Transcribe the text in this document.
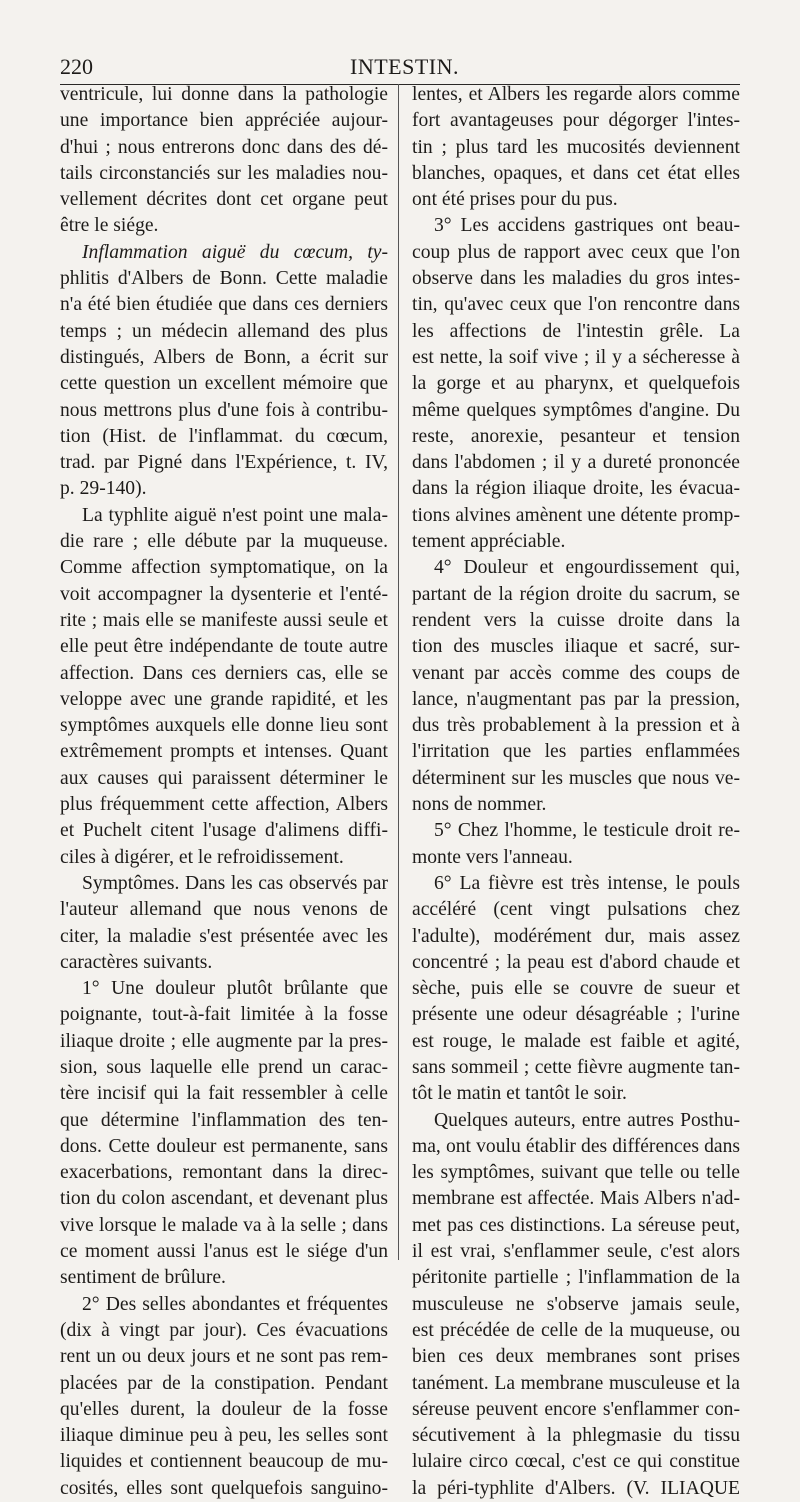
220	INTESTIN.
ventricule, lui donne dans la pathologie
une importance bien appréciée aujour-
d'hui ; nous entrerons donc dans des dé-
tails circonstanciés sur les maladies nou-
vellement décrites dont cet organe peut
être le siége.
Inflammation aiguë du cœcum, ty-
phlitis d'Albers de Bonn. Cette maladie
n'a été bien étudiée que dans ces derniers
temps ; un médecin allemand des plus
distingués, Albers de Bonn, a écrit sur
cette question un excellent mémoire que
nous mettrons plus d'une fois à contribu-
tion (Hist. de l'inflammat. du cœcum,
trad. par Pigné dans l'Expérience, t. IV,
p. 29-140).
La typhlite aiguë n'est point une mala-
die rare ; elle débute par la muqueuse.
Comme affection symptomatique, on la
voit accompagner la dysenterie et l'enté-
rite ; mais elle se manifeste aussi seule et
elle peut être indépendante de toute autre
affection. Dans ces derniers cas, elle se
veloppe avec une grande rapidité, et les
symptômes auxquels elle donne lieu sont
extrêmement prompts et intenses. Quant
aux causes qui paraissent déterminer le
plus fréquemment cette affection, Albers
et Puchelt citent l'usage d'alimens diffi-
ciles à digérer, et le refroidissement.
Symptômes. Dans les cas observés par
l'auteur allemand que nous venons de
citer, la maladie s'est présentée avec les
caractères suivants.
1° Une douleur plutôt brûlante que
poignante, tout-à-fait limitée à la fosse
iliaque droite ; elle augmente par la pres-
sion, sous laquelle elle prend un carac-
tère incisif qui la fait ressembler à celle
que détermine l'inflammation des ten-
dons. Cette douleur est permanente, sans
exacerbations, remontant dans la direc-
tion du colon ascendant, et devenant plus
vive lorsque le malade va à la selle ; dans
ce moment aussi l'anus est le siége d'un
sentiment de brûlure.
2° Des selles abondantes et fréquentes
(dix à vingt par jour). Ces évacuations
rent un ou deux jours et ne sont pas rem-
placées par de la constipation. Pendant
qu'elles durent, la douleur de la fosse
iliaque diminue peu à peu, les selles sont
liquides et contiennent beaucoup de mu-
cosités, elles sont quelquefois sanguino-
lentes, et Albers les regarde alors comme
fort avantageuses pour dégorger l'intes-
tin ; plus tard les mucosités deviennent
blanches, opaques, et dans cet état elles
ont été prises pour du pus.
3° Les accidens gastriques ont beau-
coup plus de rapport avec ceux que l'on
observe dans les maladies du gros intes-
tin, qu'avec ceux que l'on rencontre dans
les affections de l'intestin grêle. La
est nette, la soif vive ; il y a sécheresse à
la gorge et au pharynx, et quelquefois
même quelques symptômes d'angine. Du
reste, anorexie, pesanteur et tension
dans l'abdomen ; il y a dureté prononcée
dans la région iliaque droite, les évacua-
tions alvines amènent une détente promp-
tement appréciable.
4° Douleur et engourdissement qui,
partant de la région droite du sacrum, se
rendent vers la cuisse droite dans la
tion des muscles iliaque et sacré, sur-
venant par accès comme des coups de
lance, n'augmentant pas par la pression,
dus très probablement à la pression et à
l'irritation que les parties enflammées
déterminent sur les muscles que nous ve-
nons de nommer.
5° Chez l'homme, le testicule droit re-
monte vers l'anneau.
6° La fièvre est très intense, le pouls
accéléré (cent vingt pulsations chez
l'adulte), modérément dur, mais assez
concentré ; la peau est d'abord chaude et
sèche, puis elle se couvre de sueur et
présente une odeur désagréable ; l'urine
est rouge, le malade est faible et agité,
sans sommeil ; cette fièvre augmente tan-
tôt le matin et tantôt le soir.
Quelques auteurs, entre autres Posthu-
ma, ont voulu établir des différences dans
les symptômes, suivant que telle ou telle
membrane est affectée. Mais Albers n'ad-
met pas ces distinctions. La séreuse peut,
il est vrai, s'enflammer seule, c'est alors
péritonite partielle ; l'inflammation de la
musculeuse ne s'observe jamais seule,
est précédée de celle de la muqueuse, ou
bien ces deux membranes sont prises
tanément. La membrane musculeuse et la
séreuse peuvent encore s'enflammer con-
sécutivement à la phlegmasie du tissu
lulaire circo cœcal, c'est ce qui constitue
la péri-typhlite d'Albers. (V. ILIAQUE
